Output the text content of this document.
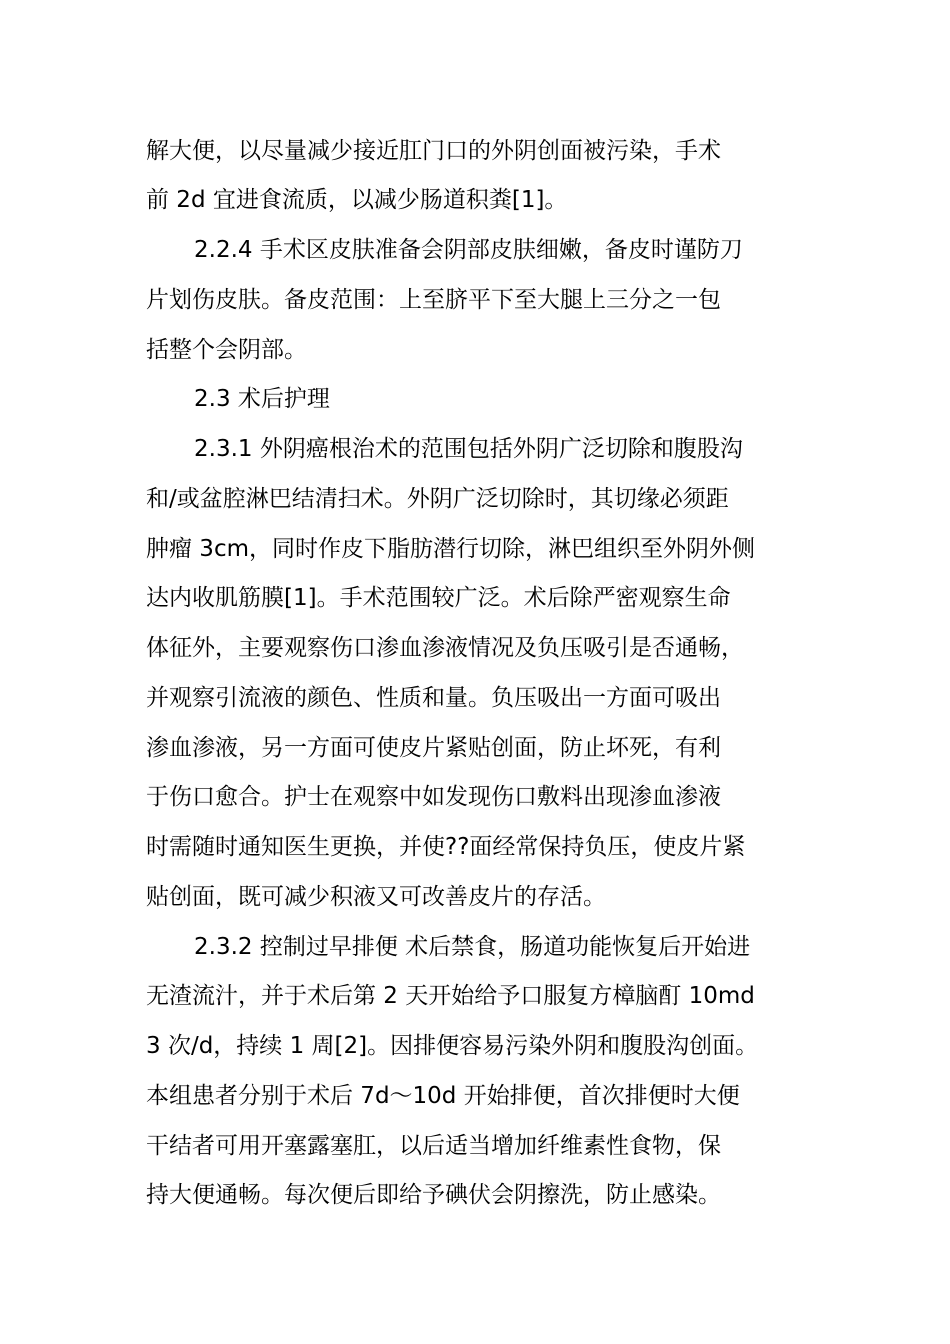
解大便，以尽量减少接近肛门口的外阴创面被污染，手术
前 2d 宜进食流质，以减少肠道积粪[1]。
2.2.4 手术区皮肤准备会阴部皮肤细嫩，备皮时谨防刀
片划伤皮肤。备皮范围：上至脐平下至大腿上三分之一包
括整个会阴部。
2.3 术后护理
2.3.1 外阴癌根治术的范围包括外阴广泛切除和腹股沟
和/或盆腔淋巴结清扫术。外阴广泛切除时，其切缘必须距
肿瘤 3cm，同时作皮下脂肪潜行切除，淋巴组织至外阴外侧
达内收肌筋膜[1]。手术范围较广泛。术后除严密观察生命
体征外，主要观察伤口渗血渗液情况及负压吸引是否通畅，
并观察引流液的颜色、性质和量。负压吸出一方面可吸出
渗血渗液，另一方面可使皮片紧贴创面，防止坏死，有利
于伤口愈合。护士在观察中如发现伤口敷料出现渗血渗液
时需随时通知医生更换，并使??面经常保持负压，使皮片紧
贴创面，既可减少积液又可改善皮片的存活。
2.3.2 控制过早排便 术后禁食，肠道功能恢复后开始进
无渣流汁，并于术后第 2 天开始给予口服复方樟脑酊 10md
3 次/d，持续 1 周[2]。因排便容易污染外阴和腹股沟创面。
本组患者分别于术后 7d～10d 开始排便，首次排便时大便
干结者可用开塞露塞肛，以后适当增加纤维素性食物，保
持大便通畅。每次便后即给予碘伏会阴擦洗，防止感染。
